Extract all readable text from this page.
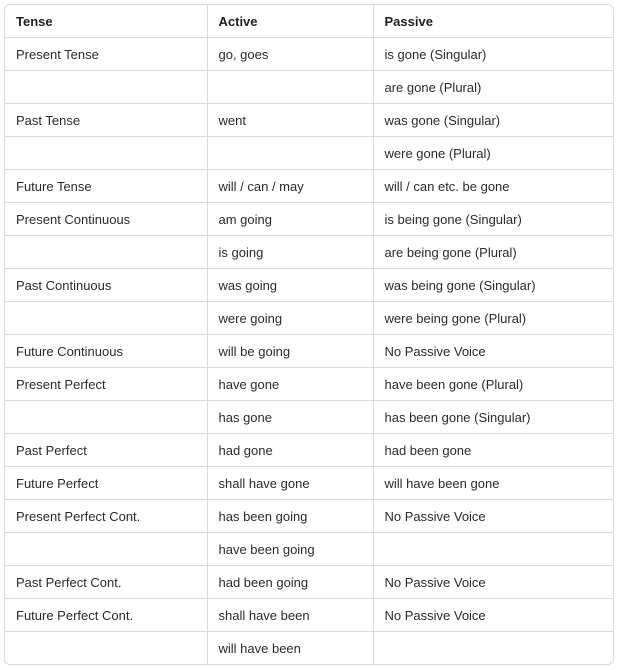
Tense	Active	Passive
Present Tense	go, goes	is gone (Singular)
		are gone (Plural)
Past Tense	went	was gone (Singular)
		were gone (Plural)
Future Tense	will / can / may	will / can etc. be gone
Present Continuous	am going	is being gone (Singular)
	is going	are being gone (Plural)
Past Continuous	was going	was being gone (Singular)
	were going	were being gone (Plural)
Future Continuous	will be going	No Passive Voice
Present Perfect	have gone	have been gone (Plural)
	has gone	has been gone (Singular)
Past Perfect	had gone	had been gone
Future Perfect	shall have gone	will have been gone
Present Perfect Cont.	has been going	No Passive Voice
	have been going	
Past Perfect Cont.	had been going	No Passive Voice
Future Perfect Cont.	shall have been	No Passive Voice
	will have been	
